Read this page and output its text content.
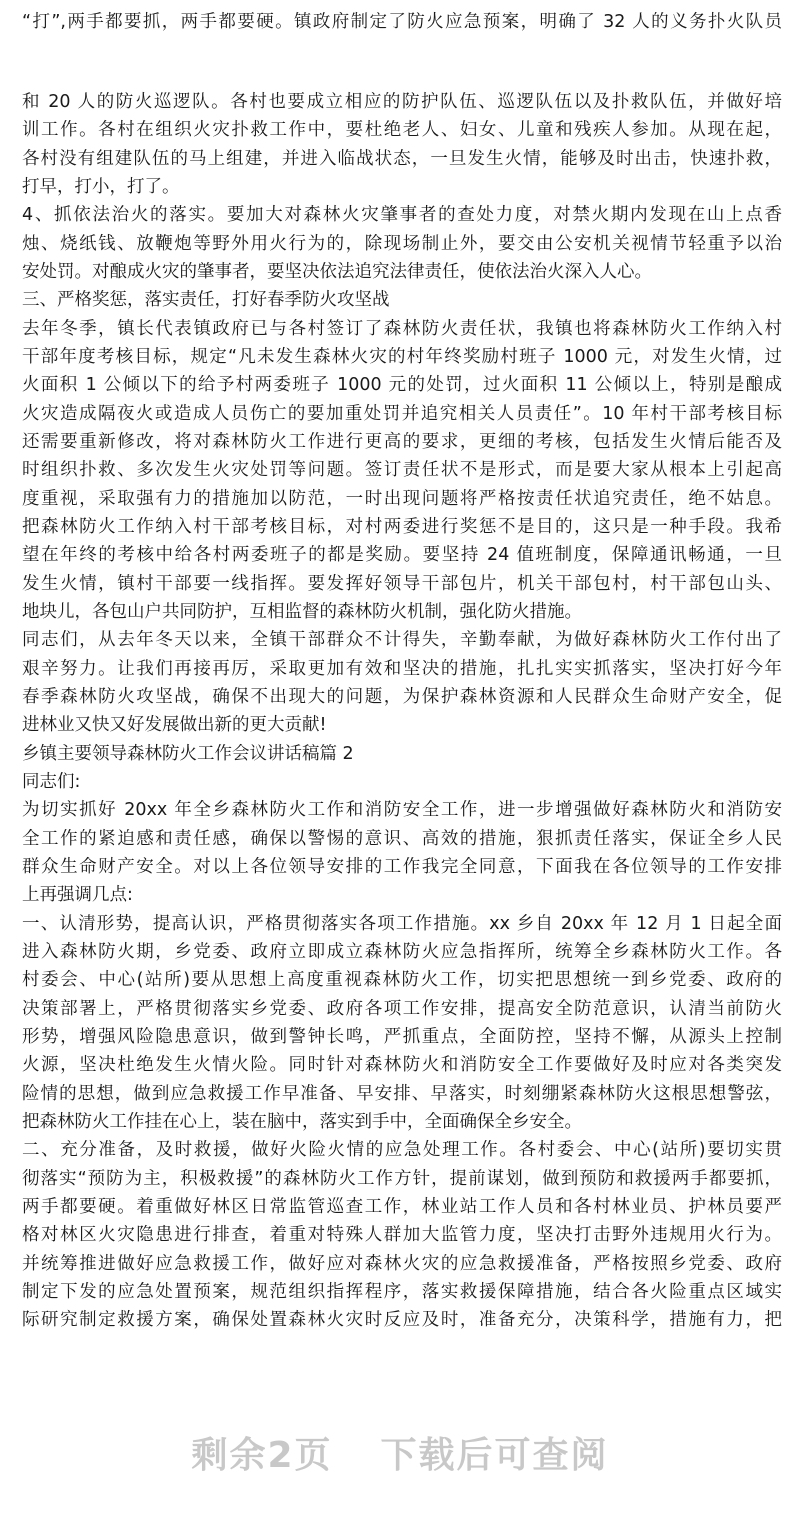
“打”,两手都要抓，两手都要硬。镇政府制定了防火应急预案，明确了 32 人的义务扑火队员
和 20 人的防火巡逻队。各村也要成立相应的防护队伍、巡逻队伍以及扑救队伍，并做好培
训工作。各村在组织火灾扑救工作中，要杜绝老人、妇女、儿童和残疾人参加。从现在起，
各村没有组建队伍的马上组建，并进入临战状态，一旦发生火情，能够及时出击，快速扑救，
打早，打小，打了。
4、抓依法治火的落实。要加大对森林火灾肇事者的查处力度，对禁火期内发现在山上点香
烛、烧纸钱、放鞭炮等野外用火行为的，除现场制止外，要交由公安机关视情节轻重予以治
安处罚。对酿成火灾的肇事者，要坚决依法追究法律责任，使依法治火深入人心。
三、严格奖惩，落实责任，打好春季防火攻坚战
去年冬季，镇长代表镇政府已与各村签订了森林防火责任状，我镇也将森林防火工作纳入村
干部年度考核目标，规定“凡未发生森林火灾的村年终奖励村班子 1000 元，对发生火情，过
火面积 1 公倾以下的给予村两委班子 1000 元的处罚，过火面积 11 公倾以上，特别是酿成
火灾造成隔夜火或造成人员伤亡的要加重处罚并追究相关人员责任”。10 年村干部考核目标
还需要重新修改，将对森林防火工作进行更高的要求，更细的考核，包括发生火情后能否及
时组织扑救、多次发生火灾处罚等问题。签订责任状不是形式，而是要大家从根本上引起高
度重视，采取强有力的措施加以防范，一时出现问题将严格按责任状追究责任，绝不姑息。
把森林防火工作纳入村干部考核目标，对村两委进行奖惩不是目的，这只是一种手段。我希
望在年终的考核中给各村两委班子的都是奖励。要坚持 24 值班制度，保障通讯畅通，一旦
发生火情，镇村干部要一线指挥。要发挥好领导干部包片，机关干部包村，村干部包山头、
地块儿，各包山户共同防护，互相监督的森林防火机制，强化防火措施。
同志们，从去年冬天以来，全镇干部群众不计得失，辛勤奉献，为做好森林防火工作付出了
艰辛努力。让我们再接再厉，采取更加有效和坚决的措施，扎扎实实抓落实，坚决打好今年
春季森林防火攻坚战，确保不出现大的问题，为保护森林资源和人民群众生命财产安全，促
进林业又快又好发展做出新的更大贡献!
乡镇主要领导森林防火工作会议讲话稿篇 2
同志们:
为切实抓好 20xx 年全乡森林防火工作和消防安全工作，进一步增强做好森林防火和消防安
全工作的紧迫感和责任感，确保以警惕的意识、高效的措施，狠抓责任落实，保证全乡人民
群众生命财产安全。对以上各位领导安排的工作我完全同意，下面我在各位领导的工作安排
上再强调几点:
一、认清形势，提高认识，严格贯彻落实各项工作措施。xx 乡自 20xx 年 12 月 1 日起全面
进入森林防火期，乡党委、政府立即成立森林防火应急指挥所，统筹全乡森林防火工作。各
村委会、中心(站所)要从思想上高度重视森林防火工作，切实把思想统一到乡党委、政府的
决策部署上，严格贯彻落实乡党委、政府各项工作安排，提高安全防范意识，认清当前防火
形势，增强风险隐患意识，做到警钟长鸣，严抓重点，全面防控，坚持不懈，从源头上控制
火源，坚决杜绝发生火情火险。同时针对森林防火和消防安全工作要做好及时应对各类突发
险情的思想，做到应急救援工作早准备、早安排、早落实，时刻绷紧森林防火这根思想警弦，
把森林防火工作挂在心上，装在脑中，落实到手中，全面确保全乡安全。
二、充分准备，及时救援，做好火险火情的应急处理工作。各村委会、中心(站所)要切实贯
彻落实“预防为主，积极救援”的森林防火工作方针，提前谋划，做到预防和救援两手都要抓，
两手都要硬。着重做好林区日常监管巡查工作，林业站工作人员和各村林业员、护林员要严
格对林区火灾隐患进行排查，着重对特殊人群加大监管力度，坚决打击野外违规用火行为。
并统筹推进做好应急救援工作，做好应对森林火灾的应急救援准备，严格按照乡党委、政府
制定下发的应急处置预案，规范组织指挥程序，落实救援保障措施，结合各火险重点区域实
际研究制定救援方案，确保处置森林火灾时反应及时，准备充分，决策科学，措施有力，把
剩余2页 下载后可查阅
